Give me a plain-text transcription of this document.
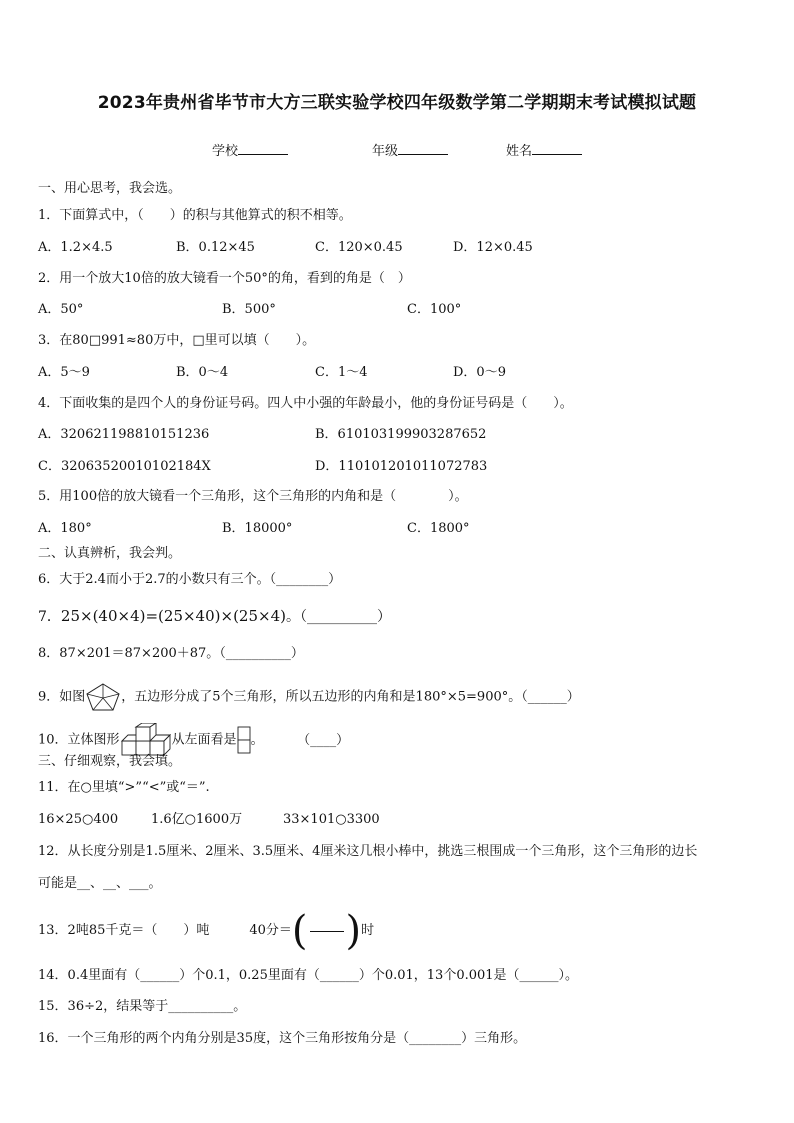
2023年贵州省毕节市大方三联实验学校四年级数学第二学期期末考试模拟试题
学校	年级	姓名
一、用心思考，我会选。
1．下面算式中，（　　）的积与其他算式的积不相等。
A．1.2×4.5	B．0.12×45	C．120×0.45	D．12×0.45
2．用一个放大10倍的放大镜看一个50°的角，看到的角是（　）
A．50°	B．500°	C．100°
3．在80□991≈80万中，□里可以填（　　）。
A．5～9	B．0～4	C．1～4	D．0～9
4．下面收集的是四个人的身份证号码。四人中小强的年龄最小，他的身份证号码是（　　）。
A．320621198810151236	B．610103199903287652
C．32063520010102184X	D．110101201011072783
5．用100倍的放大镜看一个三角形，这个三角形的内角和是（　　　　）。
A．180°	B．18000°	C．1800°
二、认真辨析，我会判。
6．大于2.4而小于2.7的小数只有三个。（________）
7．25×(40×4)=(25×40)×(25×4)。（__________）
8．87×201＝87×200＋87。（__________）
9．如图	，五边形分成了5个三角形，所以五边形的内角和是180°×5=900°。（______）
10．立体图形	从左面看是 。	（____）
三、仔细观察，我会填。
11．在○里填“>”“<”或“＝”.
16×25○400	1.6亿○1600万	33×101○3300
12．从长度分别是1.5厘米、2厘米、3.5厘米、4厘米这几根小棒中，挑选三根围成一个三角形，这个三角形的边长
可能是__、__、___。
13．2吨85千克＝（　　）吨	40分＝ ( ) 时
14．0.4里面有（______）个0.1，0.25里面有（______）个0.01，13个0.001是（______）。
15．36÷2，结果等于__________。
16．一个三角形的两个内角分别是35度，这个三角形按角分是（________）三角形。
